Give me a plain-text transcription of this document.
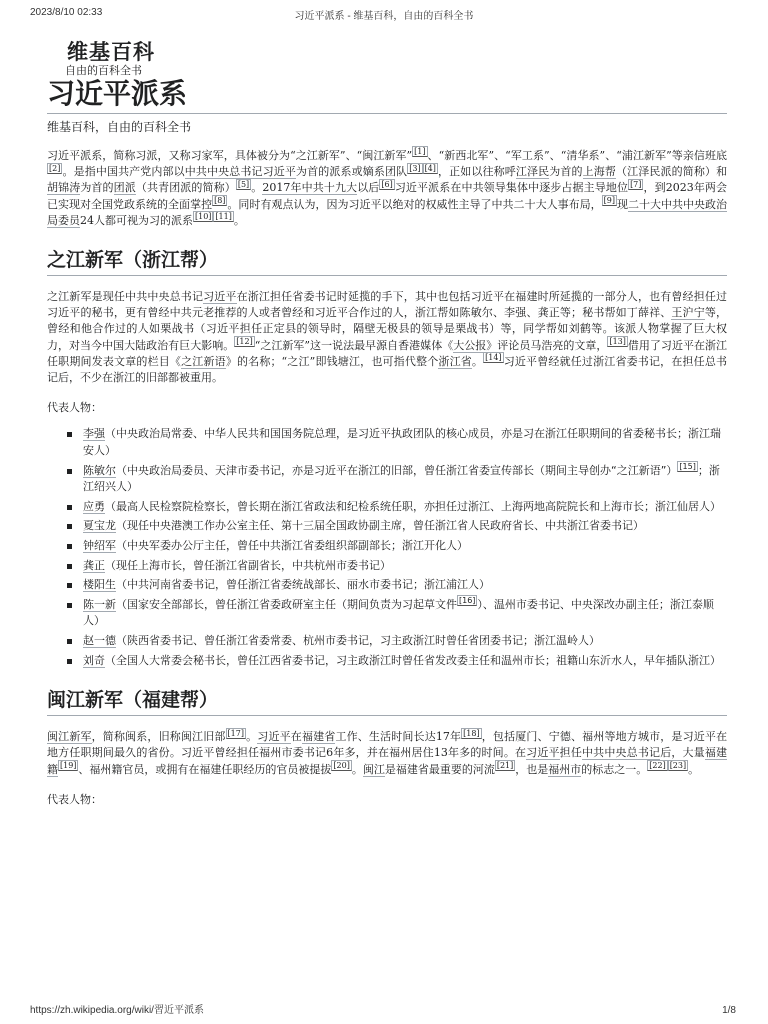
2023/8/10 02:33	习近平派系 - 维基百科，自由的百科全书
维基百科
自由的百科全书
习近平派系
维基百科，自由的百科全书

习近平派系，简称习派，又称习家军，具体被分为“之江新军”、“闽江新军” [1] 、“新西北军”、“军工系”、“清华系”、“浦江新军”等亲信班底[2] 。是指中国共产党内部以中共中央总书记习近平为首的派系或嫡系团队 [3] [4] ，正如以往称呼江泽民为首的上海帮（江泽民派的简称）和胡锦涛为首的团派（共青团派的简称） [5] 。2017年中共十九大以后 [6] 习近平派系在中共领导集体中逐步占据主导地位 [7] ，到2023年两会已实现对全国党政系统的全面掌控 [8] 。同时有观点认为，因为习近平以绝对的权威性主导了中共二十大人事布局， [9] 现二十大中共中央政治局委员24人都可视为习的派系 [10] [11] 。

之江新军（浙江帮）

之江新军是现任中共中央总书记习近平在浙江担任省委书记时延揽的手下，其中也包括习近平在福建时所延揽的一部分人，也有曾经担任过习近平的秘书，更有曾经中共元老推荐的人或者曾经和习近平合作过的人，浙江帮如陈敏尔、李强、龚正等；秘书帮如丁薛祥、王沪宁等，曾经和他合作过的人如栗战书（习近平担任正定县的领导时，隔壁无极县的领导是栗战书）等，同学帮如刘鹤等。该派人物掌握了巨大权力，对当今中国大陆政治有巨大影响。 [12] “之江新军”这一说法最早源自香港媒体《大公报》评论员马浩亮的文章， [13] 借用了习近平在浙江任职期间发表文章的栏目《之江新语》的名称；“之江”即钱塘江，也可指代整个浙江省。 [14] 习近平曾经就任过浙江省委书记，在担任总书记后，不少在浙江的旧部都被重用。

代表人物：

李强（中央政治局常委、中华人民共和国国务院总理，是习近平执政团队的核心成员，亦是习在浙江任职期间的省委秘书长；浙江瑞安人）
陈敏尔（中央政治局委员、天津市委书记，亦是习近平在浙江的旧部，曾任浙江省委宣传部长（期间主导创办“之江新语”） [15] ；浙江绍兴人）
应勇（最高人民检察院检察长，曾长期在浙江省政法和纪检系统任职，亦担任过浙江、上海两地高院院长和上海市长；浙江仙居人）
夏宝龙（现任中央港澳工作办公室主任、第十三届全国政协副主席，曾任浙江省人民政府省长、中共浙江省委书记）
钟绍军（中央军委办公厅主任，曾任中共浙江省委组织部副部长；浙江开化人）
龚正（现任上海市长，曾任浙江省副省长，中共杭州市委书记）
楼阳生（中共河南省委书记，曾任浙江省委统战部长、丽水市委书记；浙江浦江人）
陈一新（国家安全部部长，曾任浙江省委政研室主任（期间负责为习起草文件 [16] ）、温州市委书记、中央深改办副主任；浙江泰顺人）
赵一德（陕西省委书记、曾任浙江省委常委、杭州市委书记，习主政浙江时曾任省团委书记；浙江温岭人）
刘奇（全国人大常委会秘书长，曾任江西省委书记，习主政浙江时曾任省发改委主任和温州市长；祖籍山东沂水人，早年插队浙江）
闽江新军（福建帮）

闽江新军，简称闽系，旧称闽江旧部 [17] 。习近平在福建省工作、生活时间长达17年 [18] ，包括厦门、宁德、福州等地方城市，是习近平在地方任职期间最久的省份。习近平曾经担任福州市委书记6年多，并在福州居住13年多的时间。在习近平担任中共中央总书记后，大量福建籍 [19] 、福州籍官员，或拥有在福建任职经历的官员被提拔 [20] 。闽江是福建省最重要的河流 [21] ，也是福州市的标志之一。 [22] [23] 。

代表人物：

https://zh.wikipedia.org/wiki/習近平派系	1/8
